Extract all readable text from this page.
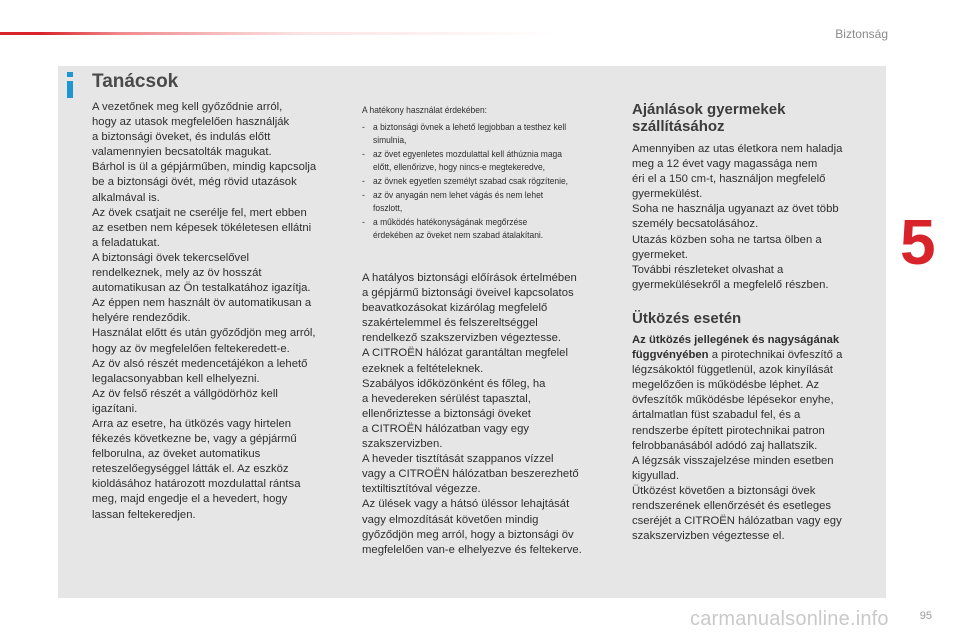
Biztonság
5
Tanácsok

A vezetőnek meg kell győződnie arról,

hogy az utasok megfelelően használják

a biztonsági öveket, és indulás előtt

valamennyien becsatolták magukat.

Bárhol is ül a gépjárműben, mindig kapcsolja

be a biztonsági övét, még rövid utazások

alkalmával is.

Az övek csatjait ne cserélje fel, mert ebben

az esetben nem képesek tökéletesen ellátni

a feladatukat.

A biztonsági övek tekercselővel

rendelkeznek, mely az öv hosszát

automatikusan az Ön testalkatához igazítja.

Az éppen nem használt öv automatikusan a

helyére rendeződik.

Használat előtt és után győződjön meg arról,

hogy az öv megfelelően feltekeredett-e.

Az öv alsó részét medencetájékon a lehető

legalacsonyabban kell elhelyezni.

Az öv felső részét a vállgödörhöz kell

igazítani.

Arra az esetre, ha ütközés vagy hirtelen

fékezés következne be, vagy a gépjármű

felborulna, az öveket automatikus

reteszelőegységgel látták el. Az eszköz

kioldásához határozott mozdulattal rántsa

meg, majd engedje el a hevedert, hogy

lassan feltekeredjen.

A hatékony használat érdekében:

- a biztonsági övnek a lehető legjobban a testhez kell
simulnia,
- az övet egyenletes mozdulattal kell áthúznia maga
előtt, ellenőrizve, hogy nincs-e megtekeredve,
- az övnek egyetlen személyt szabad csak rögzítenie,
- az öv anyagán nem lehet vágás és nem lehet
foszlott,
- a működés hatékonyságának megőrzése
érdekében az öveket nem szabad átalakítani.

A hatályos biztonsági előírások értelmében

a gépjármű biztonsági öveivel kapcsolatos

beavatkozásokat kizárólag megfelelő

szakértelemmel és felszereltséggel

rendelkező szakszervizben végeztesse.

A CITROËN hálózat garantáltan megfelel

ezeknek a feltételeknek.

Szabályos időközönként és főleg, ha

a hevedereken sérülést tapasztal,

ellenőriztesse a biztonsági öveket

a CITROËN hálózatban vagy egy

szakszervizben.

A heveder tisztítását szappanos vízzel

vagy a CITROËN hálózatban beszerezhető

textiltisztítóval végezze.

Az ülések vagy a hátsó üléssor lehajtását

vagy elmozdítását követően mindig

győződjön meg arról, hogy a biztonsági öv

megfelelően van-e elhelyezve és feltekerve.

Ajánlások gyermekek
szállításához

Amennyiben az utas életkora nem haladja

meg a 12 évet vagy magassága nem

éri el a 150 cm-t, használjon megfelelő

gyermekülést.

Soha ne használja ugyanazt az övet több

személy becsatolásához.

Utazás közben soha ne tartsa ölben a

gyermeket.

További részleteket olvashat a

gyermekülésekről a megfelelő részben.

Ütközés esetén

Az ütközés jellegének és nagyságának

függvényében a pirotechnikai övfeszítő a

légzsákoktól függetlenül, azok kinyílását

megelőzően is működésbe léphet. Az

övfeszítők működésbe lépésekor enyhe,

ártalmatlan füst szabadul fel, és a

rendszerbe épített pirotechnikai patron

felrobbanásából adódó zaj hallatszik.

A légzsák visszajelzése minden esetben

kigyullad.

Ütközést követően a biztonsági övek

rendszerének ellenőrzését és esetleges

cseréjét a CITROËN hálózatban vagy egy

szakszervizben végeztesse el.

95
carmanualsonline.info
